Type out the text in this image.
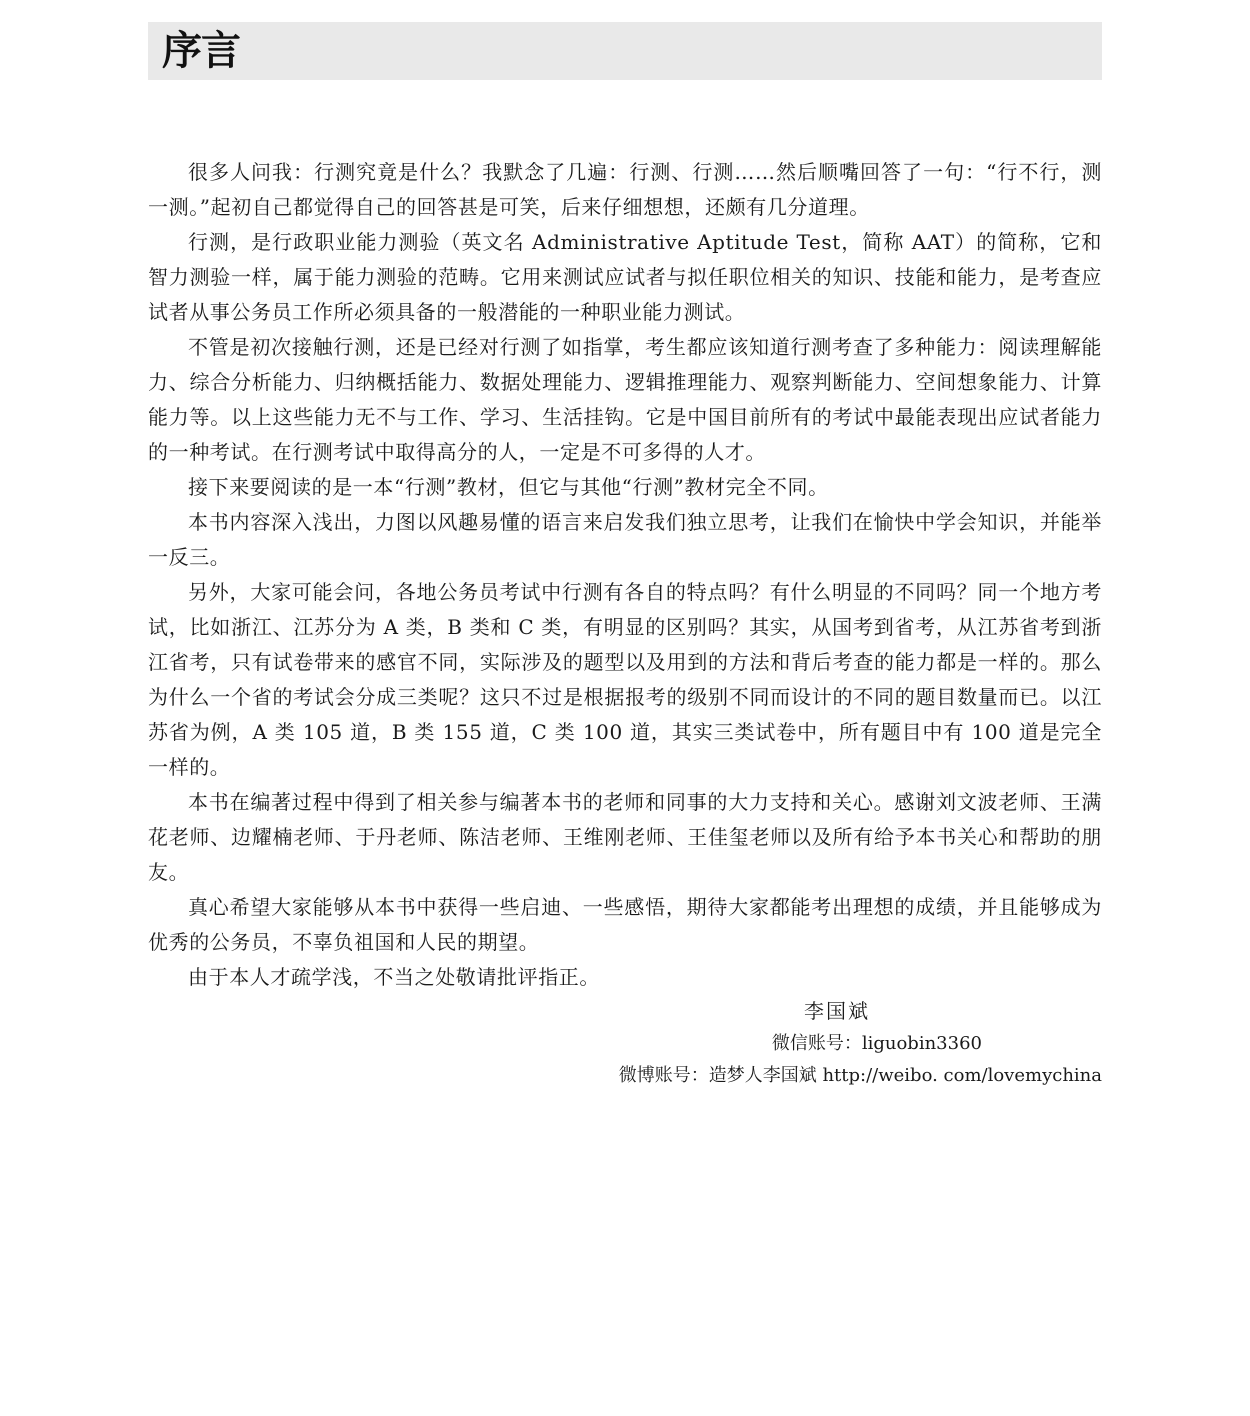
序言

很多人问我：行测究竟是什么？我默念了几遍：行测、行测……然后顺嘴回答了一句：“行不行，测一测。”起初自己都觉得自己的回答甚是可笑，后来仔细想想，还颇有几分道理。

行测，是行政职业能力测验（英文名 Administrative Aptitude Test，简称 AAT）的简称，它和智力测验一样，属于能力测验的范畴。它用来测试应试者与拟任职位相关的知识、技能和能力，是考查应试者从事公务员工作所必须具备的一般潜能的一种职业能力测试。

不管是初次接触行测，还是已经对行测了如指掌，考生都应该知道行测考查了多种能力：阅读理解能力、综合分析能力、归纳概括能力、数据处理能力、逻辑推理能力、观察判断能力、空间想象能力、计算能力等。以上这些能力无不与工作、学习、生活挂钩。它是中国目前所有的考试中最能表现出应试者能力的一种考试。在行测考试中取得高分的人，一定是不可多得的人才。

接下来要阅读的是一本“行测”教材，但它与其他“行测”教材完全不同。

本书内容深入浅出，力图以风趣易懂的语言来启发我们独立思考，让我们在愉快中学会知识，并能举一反三。

另外，大家可能会问，各地公务员考试中行测有各自的特点吗？有什么明显的不同吗？同一个地方考试，比如浙江、江苏分为 A 类，B 类和 C 类，有明显的区别吗？其实，从国考到省考，从江苏省考到浙江省考，只有试卷带来的感官不同，实际涉及的题型以及用到的方法和背后考查的能力都是一样的。那么为什么一个省的考试会分成三类呢？这只不过是根据报考的级别不同而设计的不同的题目数量而已。以江苏省为例，A 类 105 道，B 类 155 道，C 类 100 道，其实三类试卷中，所有题目中有 100 道是完全一样的。

本书在编著过程中得到了相关参与编著本书的老师和同事的大力支持和关心。感谢刘文波老师、王满花老师、边耀楠老师、于丹老师、陈洁老师、王维刚老师、王佳玺老师以及所有给予本书关心和帮助的朋友。

真心希望大家能够从本书中获得一些启迪、一些感悟，期待大家都能考出理想的成绩，并且能够成为优秀的公务员，不辜负祖国和人民的期望。

由于本人才疏学浅，不当之处敬请批评指正。

李国斌
微信账号：liguobin3360
微博账号：造梦人李国斌 http://weibo. com/lovemychina
